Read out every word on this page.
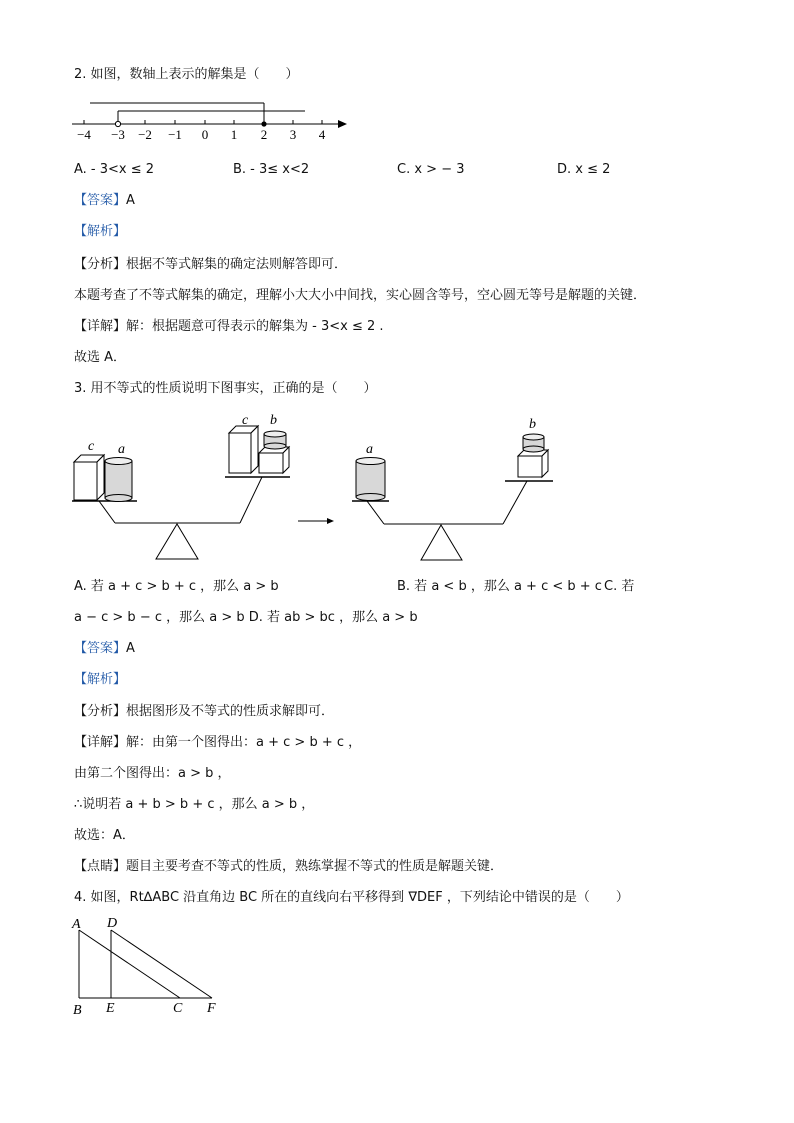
2. 如图，数轴上表示的解集是（　　）
−4 −3 −2 −1 0 1 2 3 4
A. - 3<x ≤ 2	B. - 3≤ x<2	C. x > − 3	D. x ≤ 2
【答案】A
【解析】
【分析】根据不等式解集的确定法则解答即可．
本题考查了不等式解集的确定，理解小大大小中间找，实心圆含等号，空心圆无等号是解题的关键．
【详解】解：根据题意可得表示的解集为 - 3<x ≤ 2 .
故选 A．
3. 用不等式的性质说明下图事实，正确的是（　　）
c a
c b
a
b
A. 若 a + c > b + c ，那么 a > b	B. 若 a < b ，那么 a + c < b + c C. 若
a − c > b − c ，那么 a > b D. 若 ab > bc ，那么 a > b
【答案】A
【解析】
【分析】根据图形及不等式的性质求解即可．
【详解】解：由第一个图得出：a + c > b + c ，
由第二个图得出：a > b ，
∴说明若 a + b > b + c ，那么 a > b ，
故选：A．
【点睛】题目主要考查不等式的性质，熟练掌握不等式的性质是解题关键．
4. 如图，Rt∆ABC 沿直角边 BC 所在的直线向右平移得到 ∇DEF ，下列结论中错误的是（　　）
A D
B E	C F
